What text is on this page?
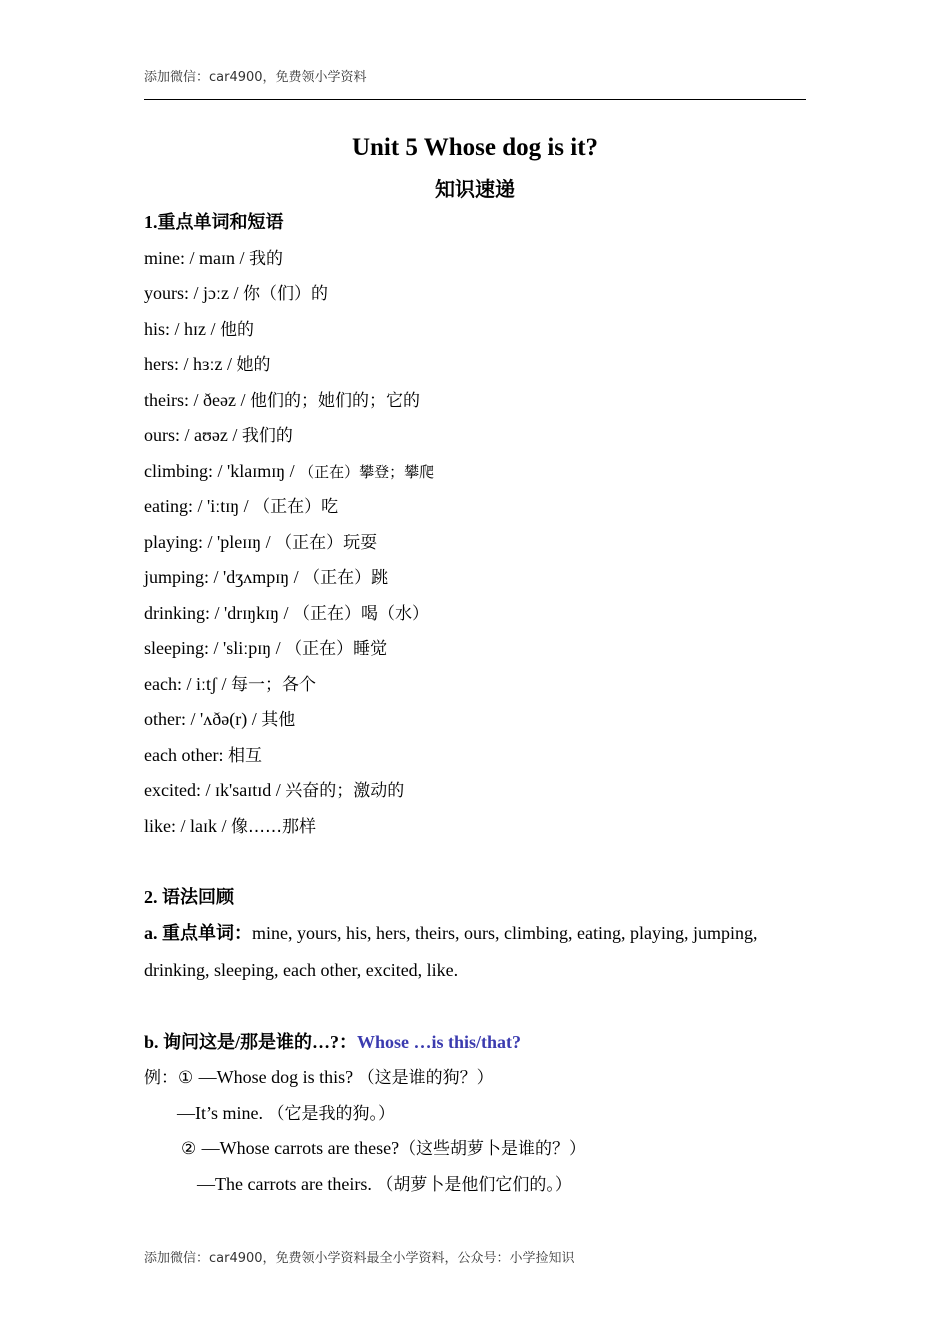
添加微信：car4900，免费领小学资料
Unit 5 Whose dog is it?
知识速递
1.重点单词和短语
mine: / maɪn / 我的
yours: / jɔːz / 你（们）的
his: / hɪz / 他的
hers: / hɜːz / 她的
theirs: / ðeəz / 他们的；她们的；它的
ours: / aʊəz / 我们的
climbing: / 'klaɪmɪŋ / （正在）攀登；攀爬
eating: / 'iːtɪŋ / （正在）吃
playing: / 'pleɪɪŋ / （正在）玩耍
jumping: / 'dʒʌmpɪŋ / （正在）跳
drinking: / 'drɪŋkɪŋ / （正在）喝（水）
sleeping: / 'sliːpɪŋ / （正在）睡觉
each: / iːtʃ / 每一；各个
other: / 'ʌðə(r) / 其他
each other: 相互
excited: / ɪk'saɪtɪd / 兴奋的；激动的
like: / laɪk / 像……那样
2. 语法回顾
a. 重点单词：mine, yours, his, hers, theirs, ours, climbing, eating, playing, jumping, drinking, sleeping, each other, excited, like.
b. 询问这是/那是谁的…?：Whose …is this/that?
例：① —Whose dog is this? （这是谁的狗？）
—It’s mine. （它是我的狗。）
② —Whose carrots are these?（这些胡萝卜是谁的？）
—The carrots are theirs. （胡萝卜是他们它们的。）
添加微信：car4900，免费领小学资料最全小学资料，公众号：小学捡知识
